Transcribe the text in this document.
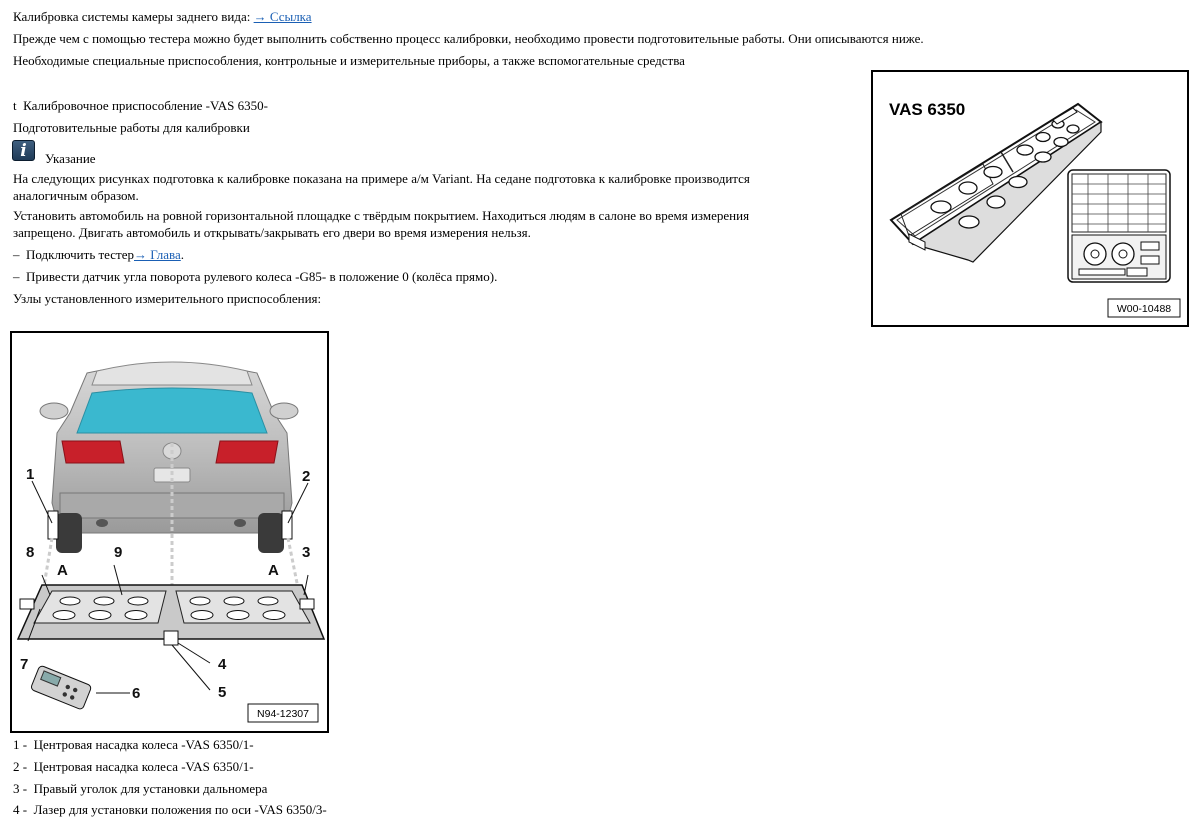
Калибровка системы камеры заднего вида: → Ссылка
Прежде чем с помощью тестера можно будет выполнить собственно процесс калибровки, необходимо провести подготовительные работы. Они описываются ниже.
Необходимые специальные приспособления, контрольные и измерительные приборы, а также вспомогательные средства
t Калибровочное приспособление -VAS 6350-
Подготовительные работы для калибровки
i	Указание
На следующих рисунках подготовка к калибровке показана на примере а/м Variant. На седане подготовка к калибровке производится аналогичным образом.
Установить автомобиль на ровной горизонтальной площадке с твёрдым покрытием. Находиться людям в салоне во время измерения запрещено. Двигать автомобиль и открывать/закрывать его двери во время измерения нельзя.
– Подключить тестер→ Глава.
– Привести датчик угла поворота рулевого колеса -G85- в положение 0 (колёса прямо).
Узлы установленного измерительного приспособления:
VAS 6350
W00-10488
1	2
3
8	9
A	A
7	4
5
6
N94-12307
1 - Центровая насадка колеса -VAS 6350/1-
2 - Центровая насадка колеса -VAS 6350/1-
3 - Правый уголок для установки дальномера
4 - Лазер для установки положения по оси -VAS 6350/3-
